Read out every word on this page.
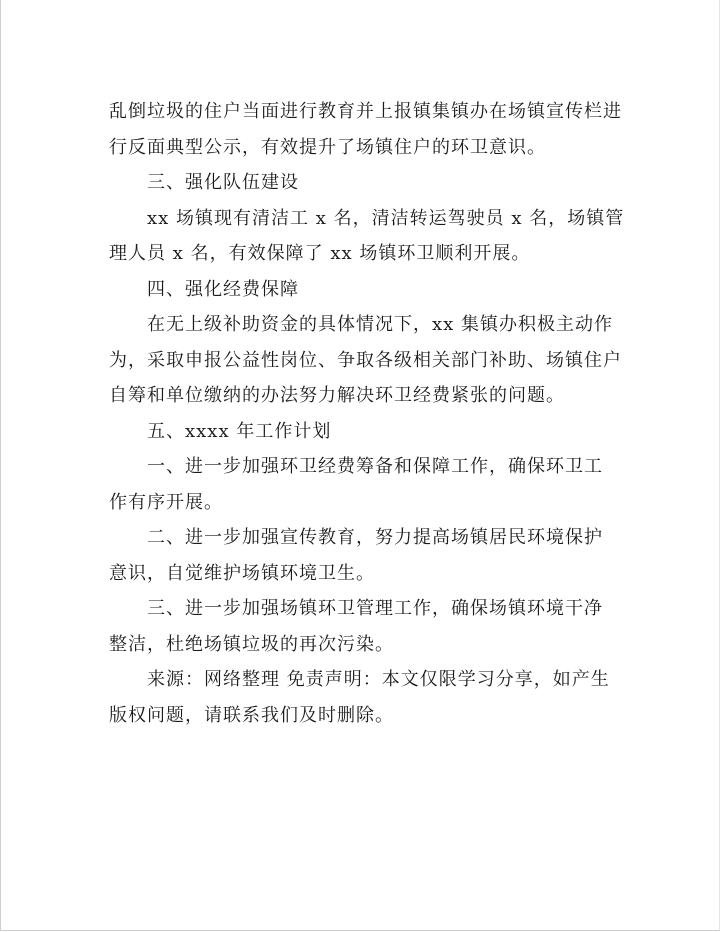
乱倒垃圾的住户当面进行教育并上报镇集镇办在场镇宣传栏进
行反面典型公示，有效提升了场镇住户的环卫意识。

三、强化队伍建设

xx 场镇现有清洁工 x 名，清洁转运驾驶员 x 名，场镇管
理人员 x 名，有效保障了 xx 场镇环卫顺利开展。

四、强化经费保障

在无上级补助资金的具体情况下，xx 集镇办积极主动作
为，采取申报公益性岗位、争取各级相关部门补助、场镇住户
自筹和单位缴纳的办法努力解决环卫经费紧张的问题。

五、xxxx 年工作计划

一、进一步加强环卫经费筹备和保障工作，确保环卫工
作有序开展。

二、进一步加强宣传教育，努力提高场镇居民环境保护
意识，自觉维护场镇环境卫生。

三、进一步加强场镇环卫管理工作，确保场镇环境干净
整洁，杜绝场镇垃圾的再次污染。

来源：网络整理 免责声明：本文仅限学习分享，如产生
版权问题，请联系我们及时删除。
